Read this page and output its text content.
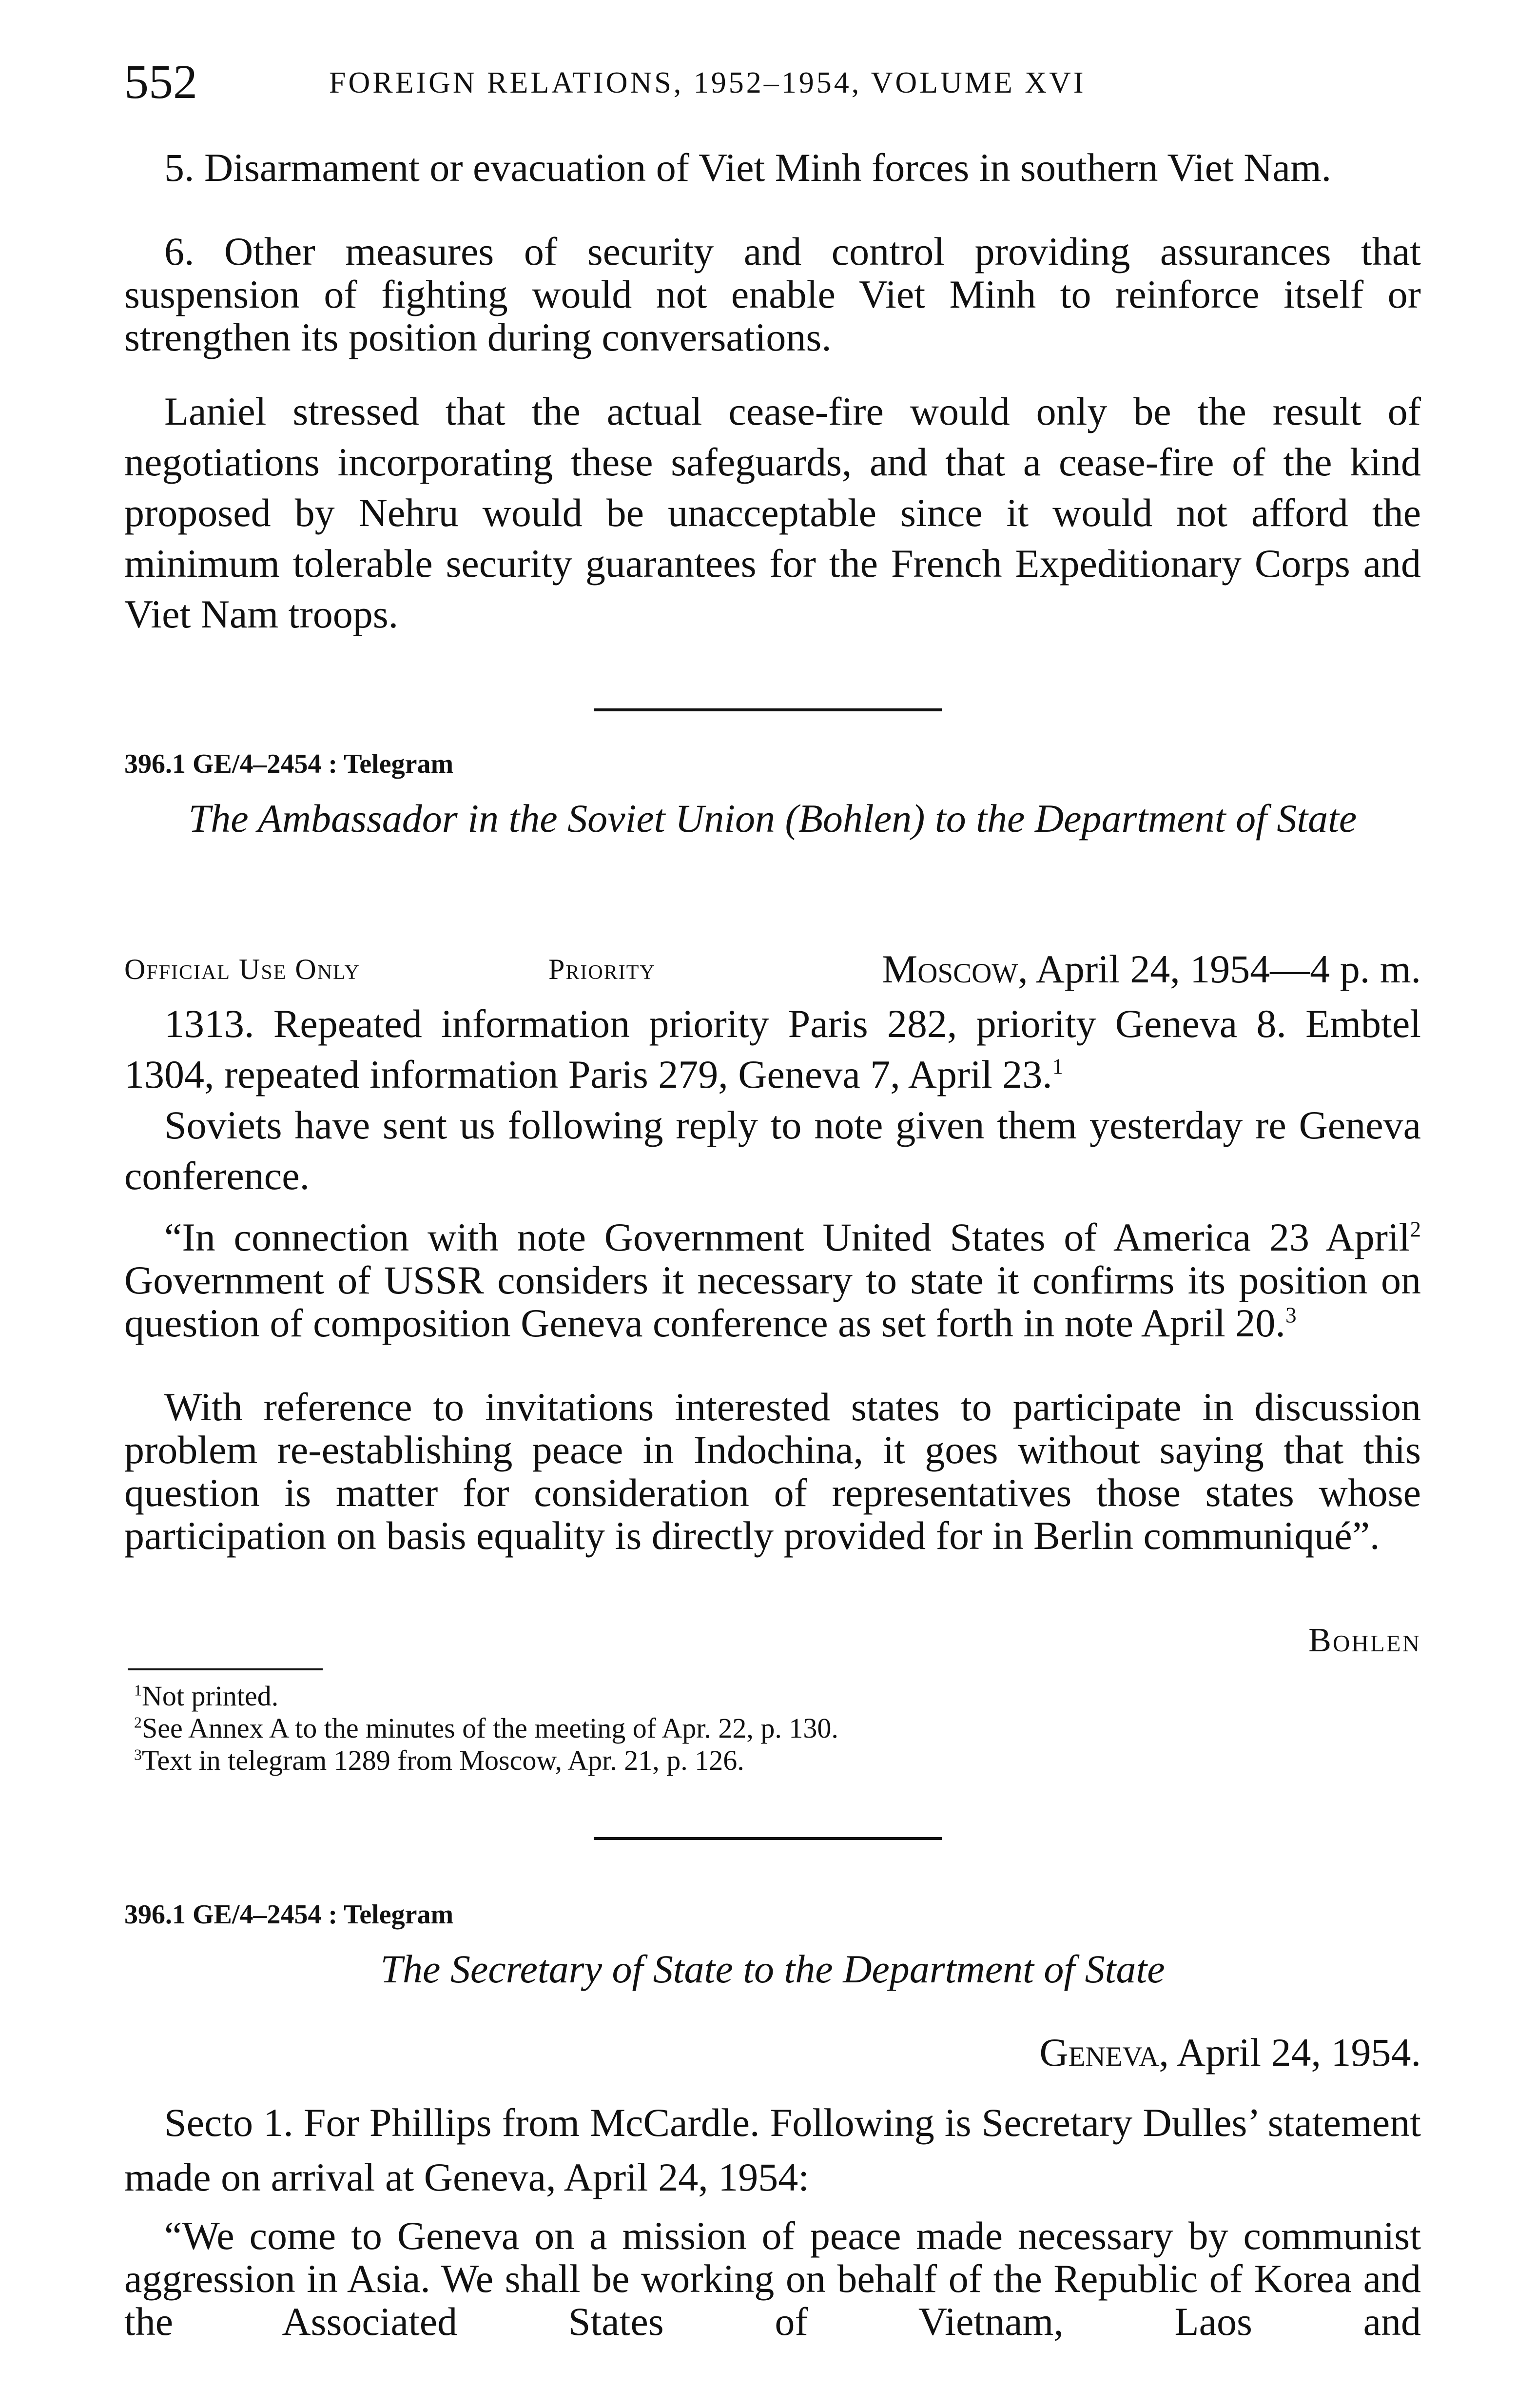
552	FOREIGN RELATIONS, 1952–1954, VOLUME XVI

5. Disarmament or evacuation of Viet Minh forces in southern Viet Nam.

6. Other measures of security and control providing assurances that suspension of fighting would not enable Viet Minh to reinforce itself or strengthen its position during conversations.

Laniel stressed that the actual cease-fire would only be the result of negotiations incorporating these safeguards, and that a cease-fire of the kind proposed by Nehru would be unacceptable since it would not afford the minimum tolerable security guarantees for the French Expeditionary Corps and Viet Nam troops.

396.1 GE/4–2454 : Telegram

The Ambassador in the Soviet Union (Bohlen) to the Department of State

Official Use Only	Priority	Moscow, April 24, 1954—4 p. m.

1313. Repeated information priority Paris 282, priority Geneva 8. Embtel 1304, repeated information Paris 279, Geneva 7, April 23.$^1$

Soviets have sent us following reply to note given them yesterday re Geneva conference.

“In connection with note Government United States of America 23 April$^2$ Government of USSR considers it necessary to state it confirms its position on question of composition Geneva conference as set forth in note April 20.$^3$

With reference to invitations interested states to participate in discussion problem re-establishing peace in Indochina, it goes without saying that this question is matter for consideration of representatives those states whose participation on basis equality is directly provided for in Berlin communiqué”.

Bohlen
$^1$Not printed.
$^2$See Annex A to the minutes of the meeting of Apr. 22, p. 130.
$^3$Text in telegram 1289 from Moscow, Apr. 21, p. 126.
396.1 GE/4–2454 : Telegram

The Secretary of State to the Department of State

Geneva, April 24, 1954.

Secto 1. For Phillips from McCardle. Following is Secretary Dulles’ statement made on arrival at Geneva, April 24, 1954:

“We come to Geneva on a mission of peace made necessary by communist aggression in Asia. We shall be working on behalf of the Republic of Korea and the Associated States of Vietnam, Laos and
